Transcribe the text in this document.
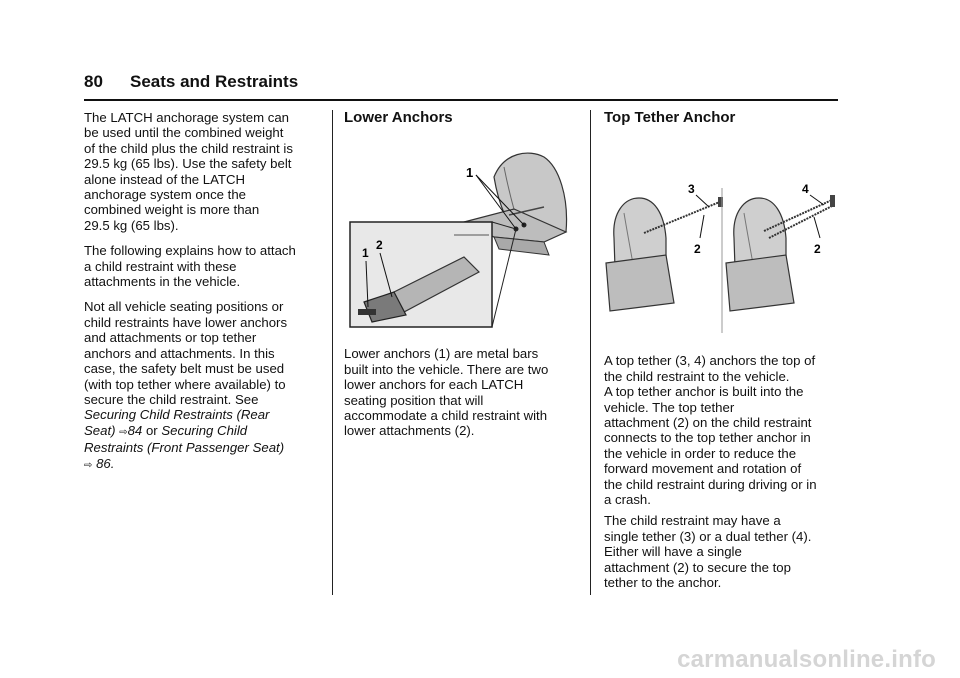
80 Seats and Restraints

The LATCH anchorage system can
be used until the combined weight
of the child plus the child restraint is
29.5 kg (65 lbs). Use the safety belt
alone instead of the LATCH
anchorage system once the
combined weight is more than
29.5 kg (65 lbs).

The following explains how to attach
a child restraint with these
attachments in the vehicle.

Not all vehicle seating positions or
child restraints have lower anchors
and attachments or top tether
anchors and attachments. In this
case, the safety belt must be used
(with top tether where available) to
secure the child restraint. See
Securing Child Restraints (Rear
Seat) ⇨84 or Securing Child
Restraints (Front Passenger Seat)
⇨ 86.

Lower Anchors
1
1
2

Lower anchors (1) are metal bars
built into the vehicle. There are two
lower anchors for each LATCH
seating position that will
accommodate a child restraint with
lower attachments (2).

Top Tether Anchor
3
2
4
2

A top tether (3, 4) anchors the top of
the child restraint to the vehicle.
A top tether anchor is built into the
vehicle. The top tether
attachment (2) on the child restraint
connects to the top tether anchor in
the vehicle in order to reduce the
forward movement and rotation of
the child restraint during driving or in
a crash.

The child restraint may have a
single tether (3) or a dual tether (4).
Either will have a single
attachment (2) to secure the top
tether to the anchor.

carmanualsonline.info
